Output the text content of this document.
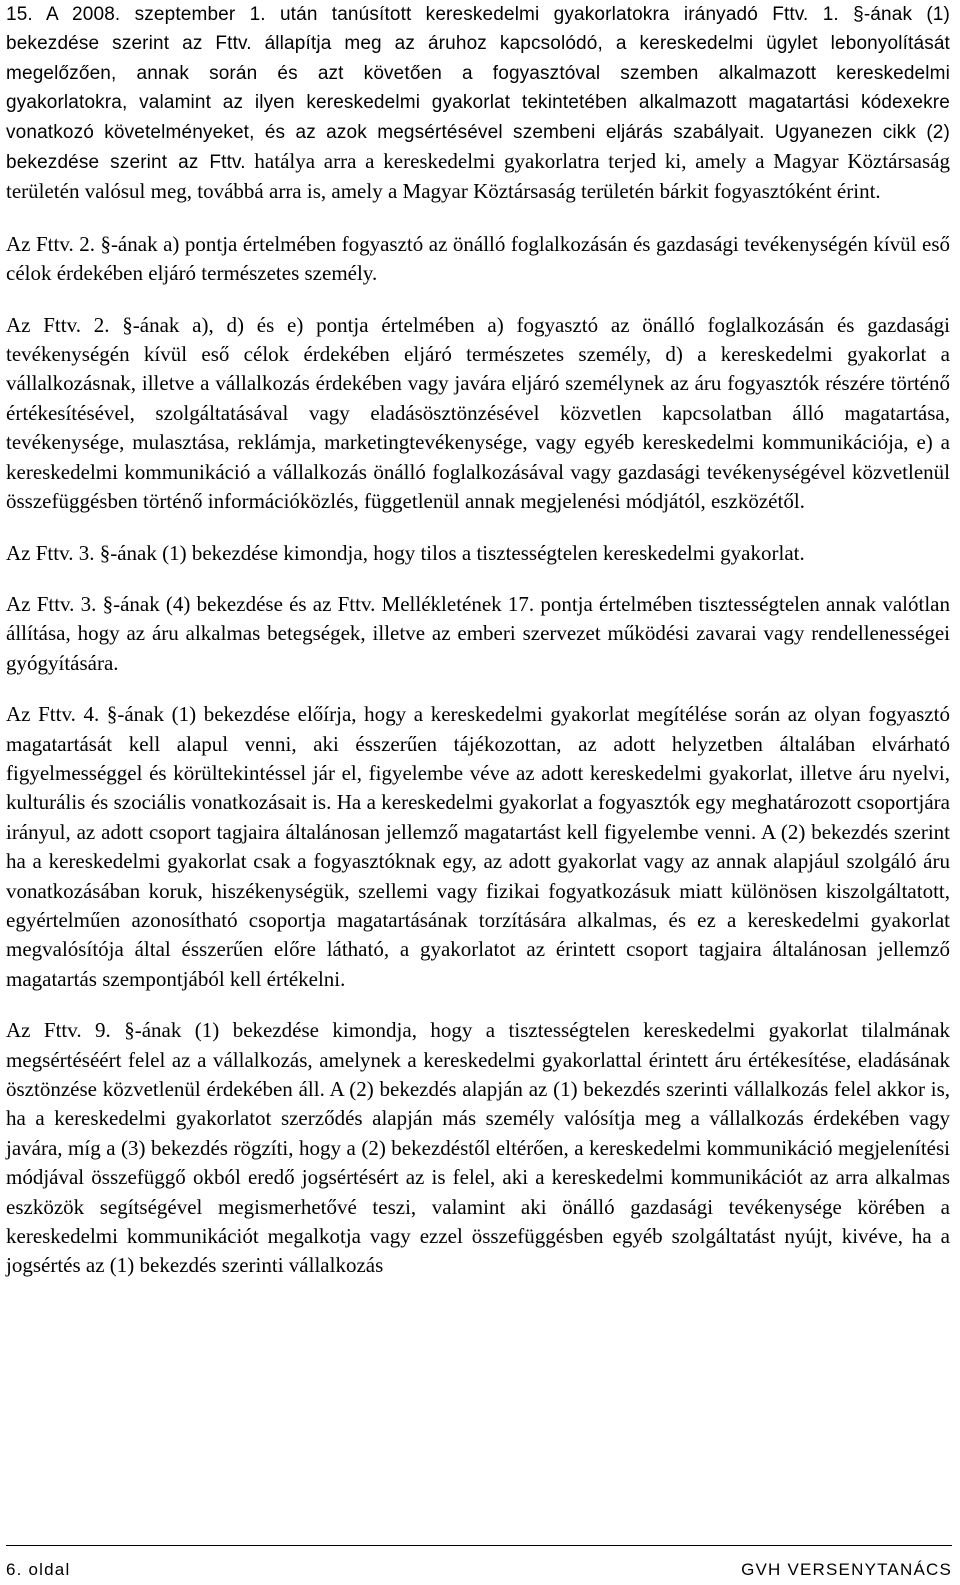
15. A 2008. szeptember 1. után tanúsított kereskedelmi gyakorlatokra irányadó Fttv. 1. §-ának (1) bekezdése szerint az Fttv. állapítja meg az áruhoz kapcsolódó, a kereskedelmi ügylet lebonyolítását megelőzően, annak során és azt követően a fogyasztóval szemben alkalmazott kereskedelmi gyakorlatokra, valamint az ilyen kereskedelmi gyakorlat tekintetében alkalmazott magatartási kódexekre vonatkozó követelményeket, és az azok megsértésével szembeni eljárás szabályait. Ugyanezen cikk (2) bekezdése szerint az Fttv. hatálya arra a kereskedelmi gyakorlatra terjed ki, amely a Magyar Köztársaság területén valósul meg, továbbá arra is, amely a Magyar Köztársaság területén bárkit fogyasztóként érint.

Az Fttv. 2. §-ának a) pontja értelmében fogyasztó az önálló foglalkozásán és gazdasági tevékenységén kívül eső célok érdekében eljáró természetes személy.

Az Fttv. 2. §-ának a), d) és e) pontja értelmében a) fogyasztó az önálló foglalkozásán és gazdasági tevékenységén kívül eső célok érdekében eljáró természetes személy, d) a kereskedelmi gyakorlat a vállalkozásnak, illetve a vállalkozás érdekében vagy javára eljáró személynek az áru fogyasztók részére történő értékesítésével, szolgáltatásával vagy eladásösztönzésével közvetlen kapcsolatban álló magatartása, tevékenysége, mulasztása, reklámja, marketingtevékenysége, vagy egyéb kereskedelmi kommunikációja, e) a kereskedelmi kommunikáció a vállalkozás önálló foglalkozásával vagy gazdasági tevékenységével közvetlenül összefüggésben történő információközlés, függetlenül annak megjelenési módjától, eszközétől.

Az Fttv. 3. §-ának (1) bekezdése kimondja, hogy tilos a tisztességtelen kereskedelmi gyakorlat.

Az Fttv. 3. §-ának (4) bekezdése és az Fttv. Mellékletének 17. pontja értelmében tisztességtelen annak valótlan állítása, hogy az áru alkalmas betegségek, illetve az emberi szervezet működési zavarai vagy rendellenességei gyógyítására.

Az Fttv. 4. §-ának (1) bekezdése előírja, hogy a kereskedelmi gyakorlat megítélése során az olyan fogyasztó magatartását kell alapul venni, aki ésszerűen tájékozottan, az adott helyzetben általában elvárható figyelmességgel és körültekintéssel jár el, figyelembe véve az adott kereskedelmi gyakorlat, illetve áru nyelvi, kulturális és szociális vonatkozásait is. Ha a kereskedelmi gyakorlat a fogyasztók egy meghatározott csoportjára irányul, az adott csoport tagjaira általánosan jellemző magatartást kell figyelembe venni. A (2) bekezdés szerint ha a kereskedelmi gyakorlat csak a fogyasztóknak egy, az adott gyakorlat vagy az annak alapjául szolgáló áru vonatkozásában koruk, hiszékenységük, szellemi vagy fizikai fogyatkozásuk miatt különösen kiszolgáltatott, egyértelműen azonosítható csoportja magatartásának torzítására alkalmas, és ez a kereskedelmi gyakorlat megvalósítója által ésszerűen előre látható, a gyakorlatot az érintett csoport tagjaira általánosan jellemző magatartás szempontjából kell értékelni.

Az Fttv. 9. §-ának (1) bekezdése kimondja, hogy a tisztességtelen kereskedelmi gyakorlat tilalmának megsértéséért felel az a vállalkozás, amelynek a kereskedelmi gyakorlattal érintett áru értékesítése, eladásának ösztönzése közvetlenül érdekében áll. A (2) bekezdés alapján az (1) bekezdés szerinti vállalkozás felel akkor is, ha a kereskedelmi gyakorlatot szerződés alapján más személy valósítja meg a vállalkozás érdekében vagy javára, míg a (3) bekezdés rögzíti, hogy a (2) bekezdéstől eltérően, a kereskedelmi kommunikáció megjelenítési módjával összefüggő okból eredő jogsértésért az is felel, aki a kereskedelmi kommunikációt az arra alkalmas eszközök segítségével megismerhetővé teszi, valamint aki önálló gazdasági tevékenysége körében a kereskedelmi kommunikációt megalkotja vagy ezzel összefüggésben egyéb szolgáltatást nyújt, kivéve, ha a jogsértés az (1) bekezdés szerinti vállalkozás

6. oldal	GVH VERSENYTANÁCS
